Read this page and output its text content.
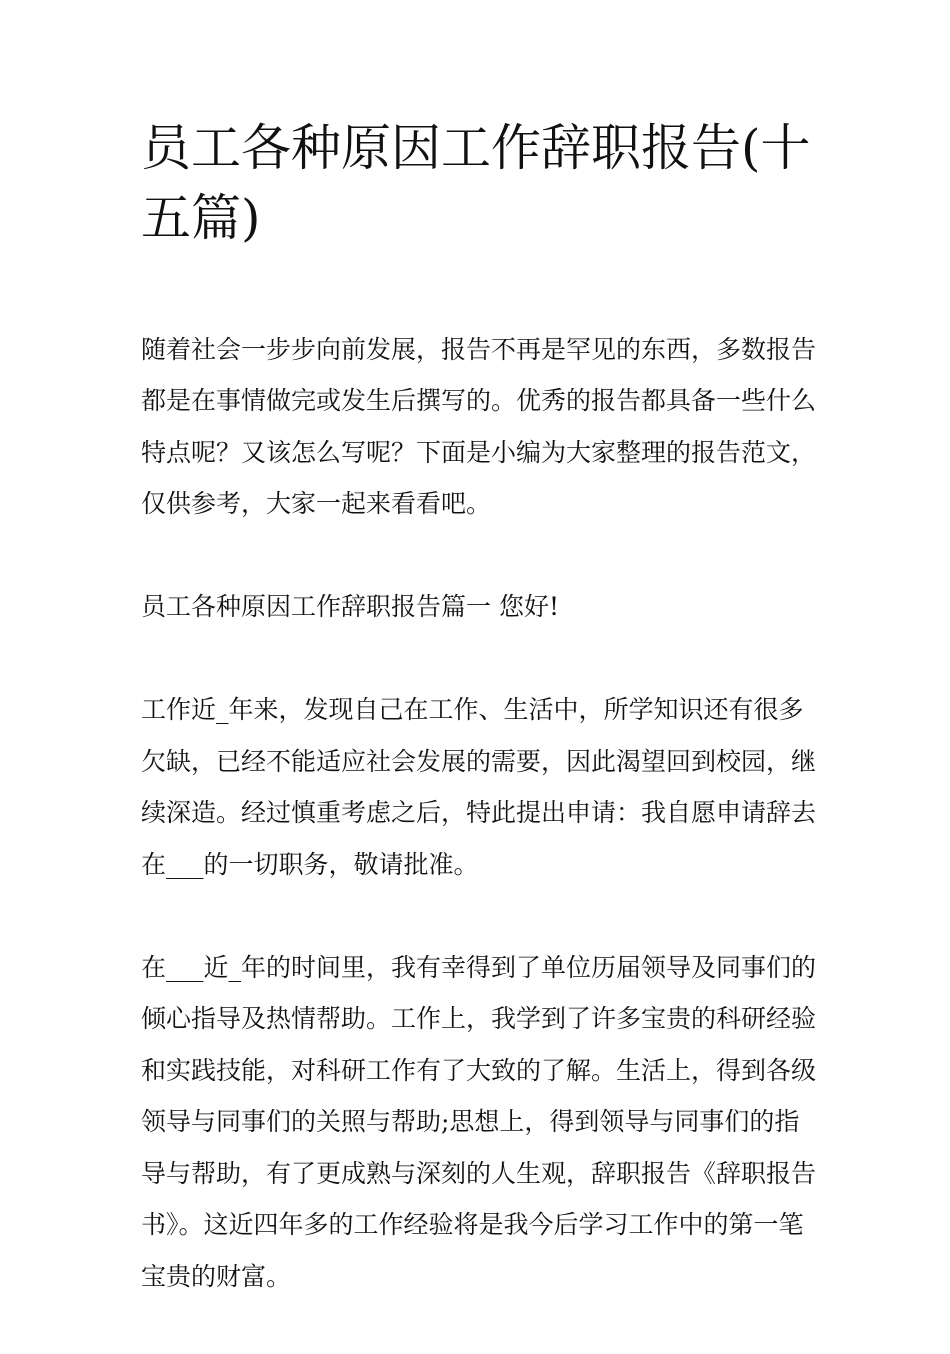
员工各种原因工作辞职报告(十五篇)

随着社会一步步向前发展，报告不再是罕见的东西，多数报告都是在事情做完或发生后撰写的。优秀的报告都具备一些什么特点呢？又该怎么写呢？下面是小编为大家整理的报告范文，仅供参考，大家一起来看看吧。

员工各种原因工作辞职报告篇一 您好!

工作近_年来，发现自己在工作、生活中，所学知识还有很多欠缺，已经不能适应社会发展的需要，因此渴望回到校园，继续深造。经过慎重考虑之后，特此提出申请：我自愿申请辞去在___的一切职务，敬请批准。

在___近_年的时间里，我有幸得到了单位历届领导及同事们的倾心指导及热情帮助。工作上，我学到了许多宝贵的科研经验和实践技能，对科研工作有了大致的了解。生活上，得到各级领导与同事们的关照与帮助;思想上，得到领导与同事们的指导与帮助，有了更成熟与深刻的人生观，辞职报告《辞职报告书》。这近四年多的工作经验将是我今后学习工作中的第一笔宝贵的财富。
